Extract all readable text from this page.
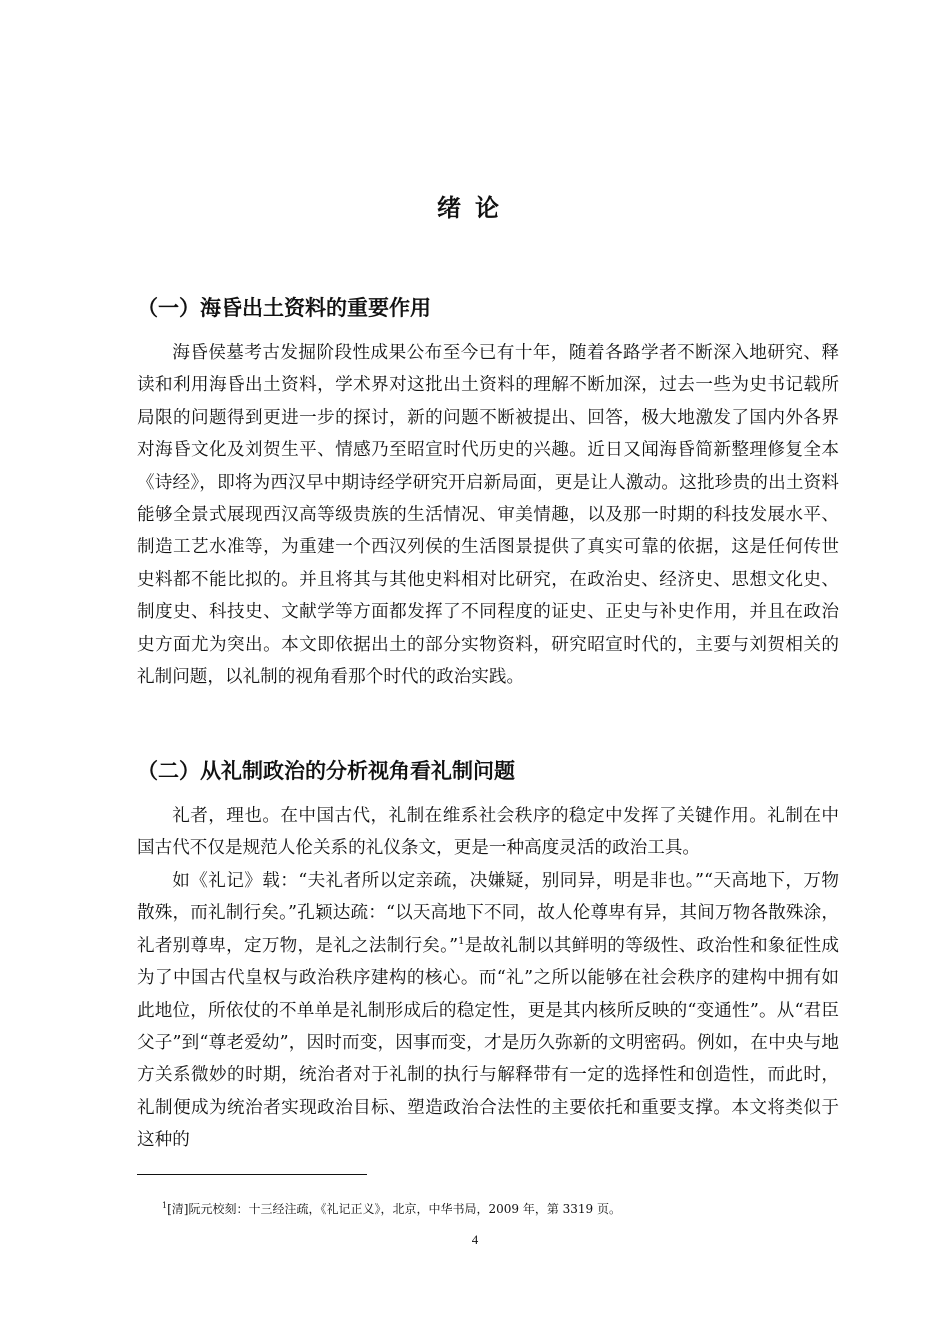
绪论
（一）海昏出土资料的重要作用

海昏侯墓考古发掘阶段性成果公布至今已有十年，随着各路学者不断深入地研究、释读和利用海昏出土资料，学术界对这批出土资料的理解不断加深，过去一些为史书记载所局限的问题得到更进一步的探讨，新的问题不断被提出、回答，极大地激发了国内外各界对海昏文化及刘贺生平、情感乃至昭宣时代历史的兴趣。近日又闻海昏简新整理修复全本《诗经》，即将为西汉早中期诗经学研究开启新局面，更是让人激动。这批珍贵的出土资料能够全景式展现西汉高等级贵族的生活情况、审美情趣，以及那一时期的科技发展水平、制造工艺水准等，为重建一个西汉列侯的生活图景提供了真实可靠的依据，这是任何传世史料都不能比拟的。并且将其与其他史料相对比研究，在政治史、经济史、思想文化史、制度史、科技史、文献学等方面都发挥了不同程度的证史、正史与补史作用，并且在政治史方面尤为突出。本文即依据出土的部分实物资料，研究昭宣时代的，主要与刘贺相关的礼制问题，以礼制的视角看那个时代的政治实践。

（二）从礼制政治的分析视角看礼制问题

礼者，理也。在中国古代，礼制在维系社会秩序的稳定中发挥了关键作用。礼制在中国古代不仅是规范人伦关系的礼仪条文，更是一种高度灵活的政治工具。

如《礼记》载：“夫礼者所以定亲疏，决嫌疑，别同异，明是非也。”“天高地下，万物散殊，而礼制行矣。”孔颖达疏：“以天高地下不同，故人伦尊卑有异，其间万物各散殊涂，礼者别尊卑，定万物，是礼之法制行矣。”$^1$是故礼制以其鲜明的等级性、政治性和象征性成为了中国古代皇权与政治秩序建构的核心。而“礼”之所以能够在社会秩序的建构中拥有如此地位，所依仗的不单单是礼制形成后的稳定性，更是其内核所反映的“变通性”。从“君臣父子”到“尊老爱幼”，因时而变，因事而变，才是历久弥新的文明密码。例如，在中央与地方关系微妙的时期，统治者对于礼制的执行与解释带有一定的选择性和创造性，而此时，礼制便成为统治者实现政治目标、塑造政治合法性的主要依托和重要支撑。本文将类似于这种的

$^1$[清]阮元校刻：十三经注疏，《礼记正义》，北京，中华书局，2009 年，第 3319 页。

4
